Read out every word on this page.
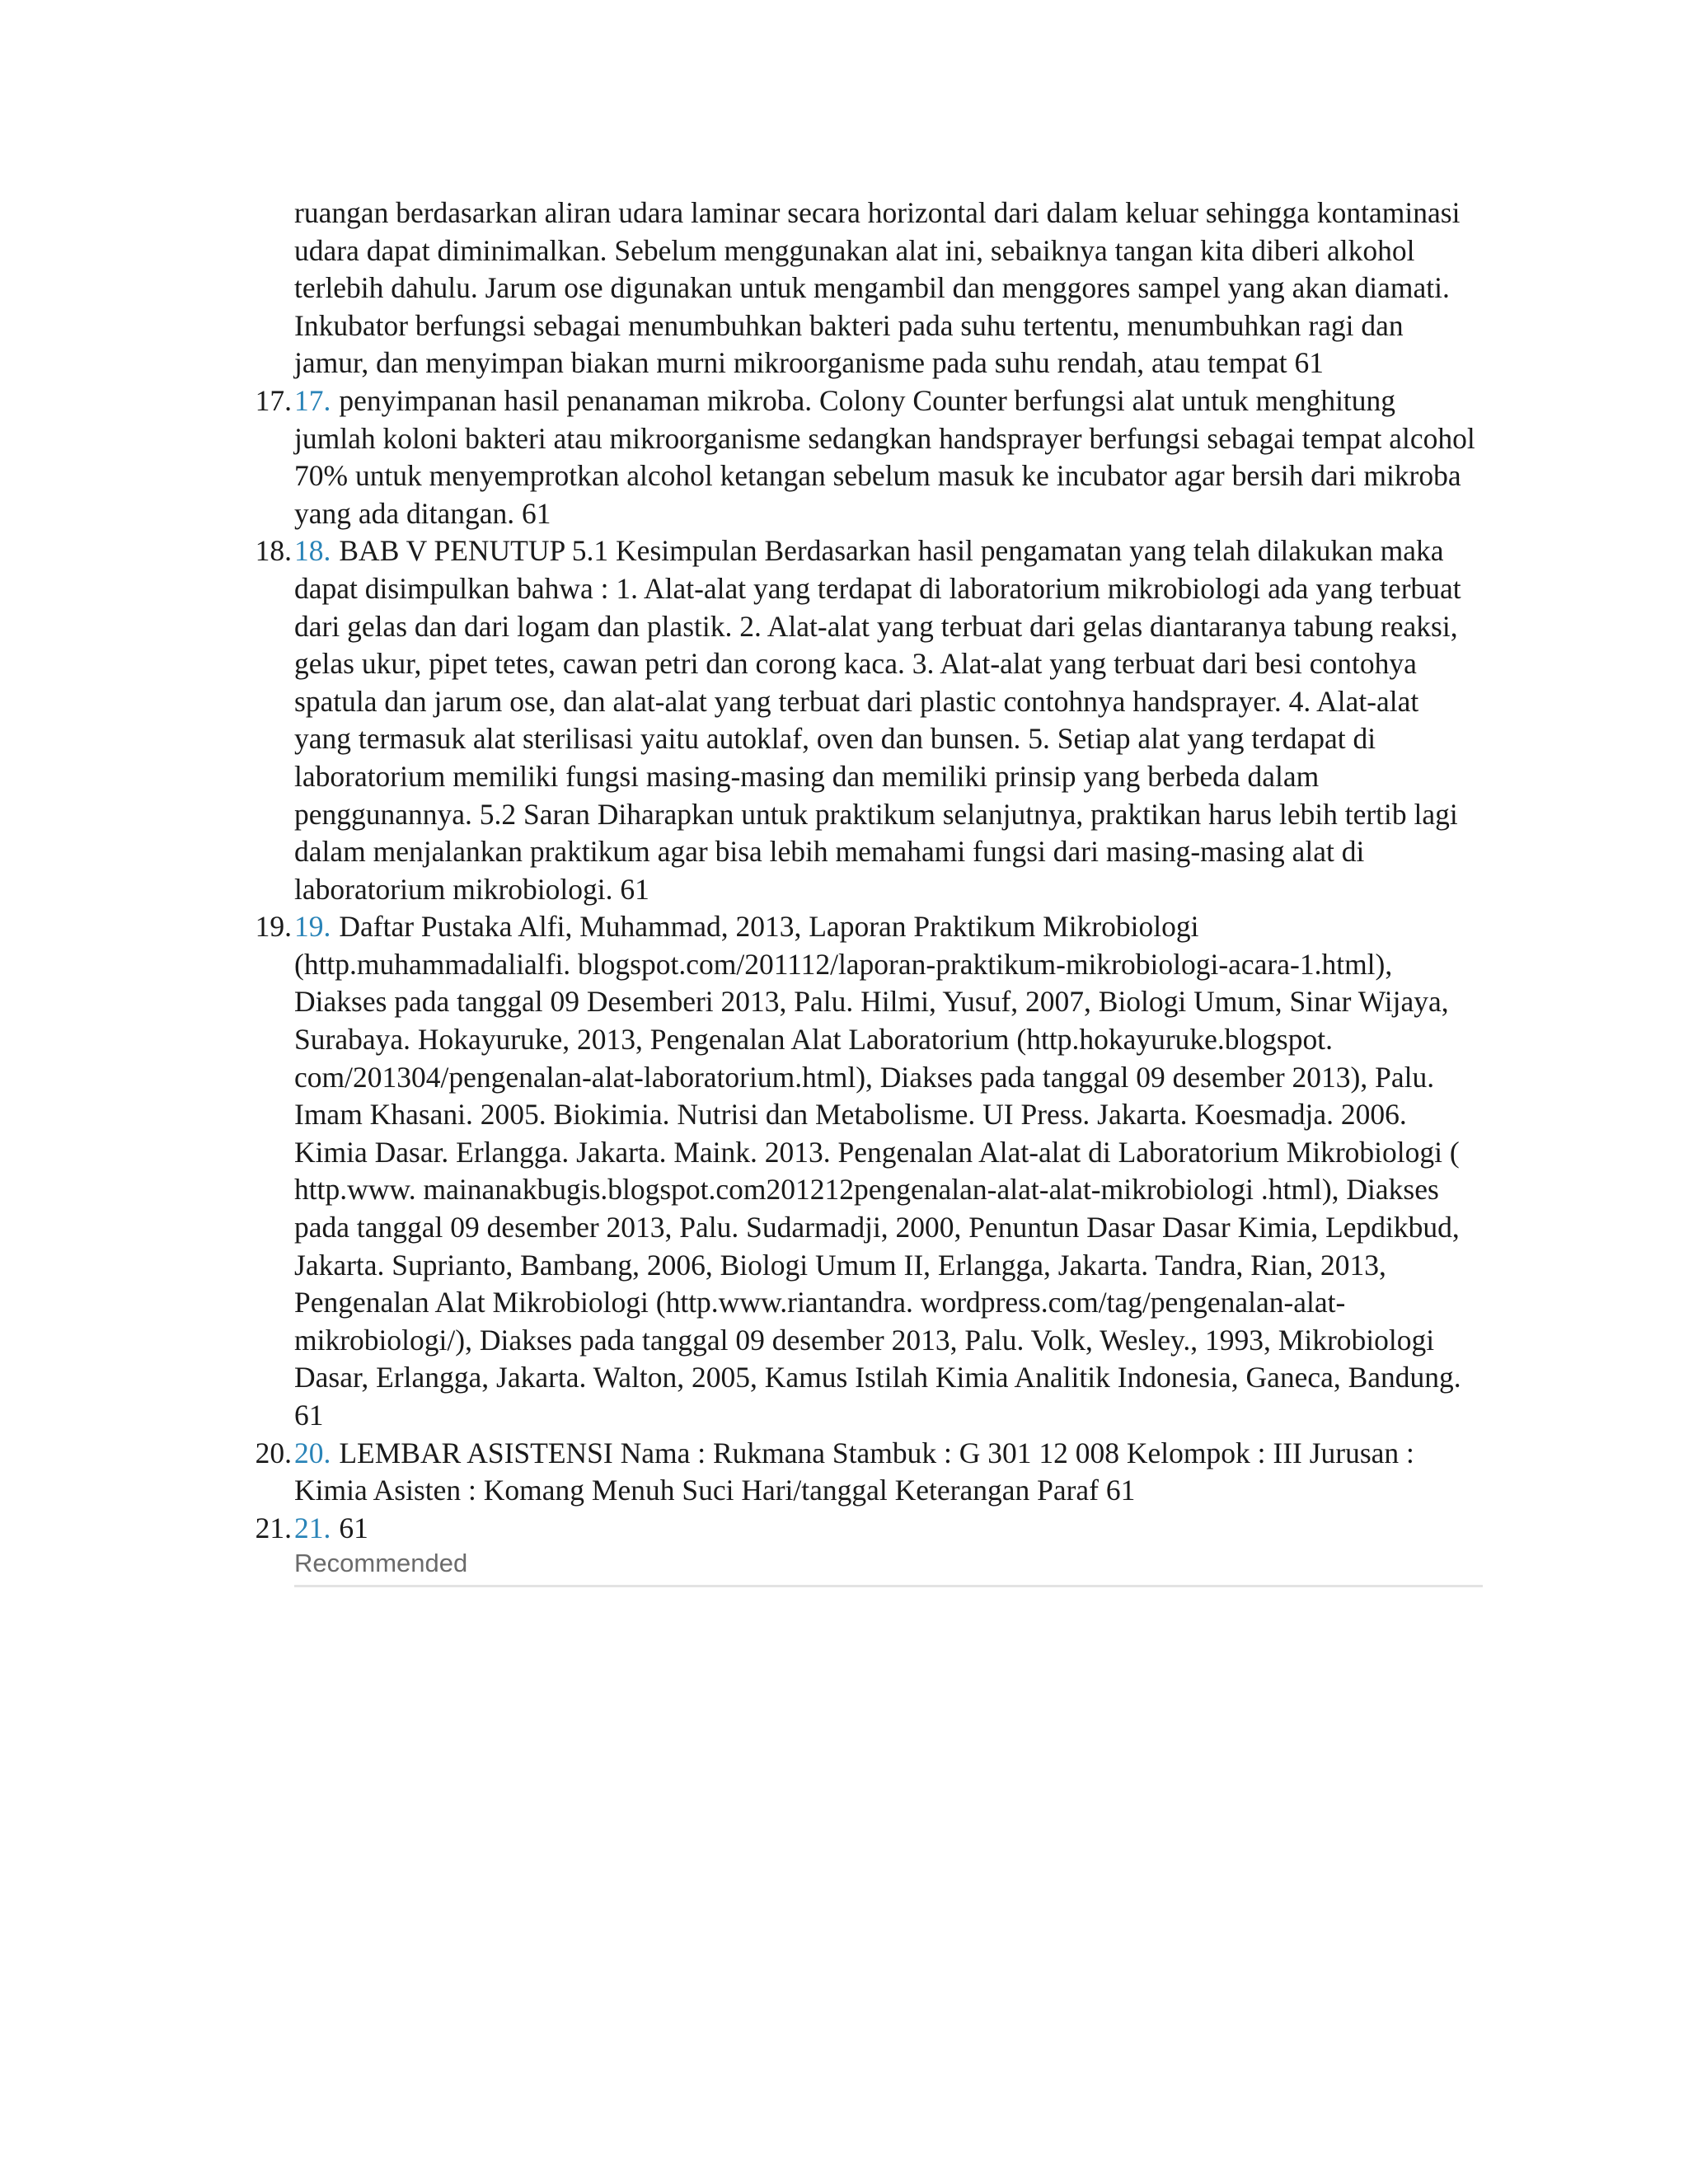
ruangan berdasarkan aliran udara laminar secara horizontal dari dalam keluar sehingga kontaminasi udara dapat diminimalkan. Sebelum menggunakan alat ini, sebaiknya tangan kita diberi alkohol terlebih dahulu. Jarum ose digunakan untuk mengambil dan menggores sampel yang akan diamati. Inkubator berfungsi sebagai menumbuhkan bakteri pada suhu tertentu, menumbuhkan ragi dan jamur, dan menyimpan biakan murni mikroorganisme pada suhu rendah, atau tempat 61

17. 17. penyimpanan hasil penanaman mikroba. Colony Counter berfungsi alat untuk menghitung jumlah koloni bakteri atau mikroorganisme sedangkan handsprayer berfungsi sebagai tempat alcohol 70% untuk menyemprotkan alcohol ketangan sebelum masuk ke incubator agar bersih dari mikroba yang ada ditangan. 61
18. 18. BAB V PENUTUP 5.1 Kesimpulan Berdasarkan hasil pengamatan yang telah dilakukan maka dapat disimpulkan bahwa : 1. Alat-alat yang terdapat di laboratorium mikrobiologi ada yang terbuat dari gelas dan dari logam dan plastik. 2. Alat-alat yang terbuat dari gelas diantaranya tabung reaksi, gelas ukur, pipet tetes, cawan petri dan corong kaca. 3. Alat-alat yang terbuat dari besi contohya spatula dan jarum ose, dan alat-alat yang terbuat dari plastic contohnya handsprayer. 4. Alat-alat yang termasuk alat sterilisasi yaitu autoklaf, oven dan bunsen. 5. Setiap alat yang terdapat di laboratorium memiliki fungsi masing-masing dan memiliki prinsip yang berbeda dalam penggunannya. 5.2 Saran Diharapkan untuk praktikum selanjutnya, praktikan harus lebih tertib lagi dalam menjalankan praktikum agar bisa lebih memahami fungsi dari masing-masing alat di laboratorium mikrobiologi. 61
19. 19. Daftar Pustaka Alfi, Muhammad, 2013, Laporan Praktikum Mikrobiologi (http.muhammadalialfi. blogspot.com/201112/laporan-praktikum-mikrobiologi-acara-1.html), Diakses pada tanggal 09 Desemberi 2013, Palu. Hilmi, Yusuf, 2007, Biologi Umum, Sinar Wijaya, Surabaya. Hokayuruke, 2013, Pengenalan Alat Laboratorium (http.hokayuruke.blogspot. com/201304/pengenalan-alat-laboratorium.html), Diakses pada tanggal 09 desember 2013), Palu. Imam Khasani. 2005. Biokimia. Nutrisi dan Metabolisme. UI Press. Jakarta. Koesmadja. 2006. Kimia Dasar. Erlangga. Jakarta. Maink. 2013. Pengenalan Alat-alat di Laboratorium Mikrobiologi ( http.www. mainanakbugis.blogspot.com201212pengenalan-alat-alat-mikrobiologi .html), Diakses pada tanggal 09 desember 2013, Palu. Sudarmadji, 2000, Penuntun Dasar Dasar Kimia, Lepdikbud, Jakarta. Suprianto, Bambang, 2006, Biologi Umum II, Erlangga, Jakarta. Tandra, Rian, 2013, Pengenalan Alat Mikrobiologi (http.www.riantandra. wordpress.com/tag/pengenalan-alat-mikrobiologi/), Diakses pada tanggal 09 desember 2013, Palu. Volk, Wesley., 1993, Mikrobiologi Dasar, Erlangga, Jakarta. Walton, 2005, Kamus Istilah Kimia Analitik Indonesia, Ganeca, Bandung. 61
20. 20. LEMBAR ASISTENSI Nama : Rukmana Stambuk : G 301 12 008 Kelompok : III Jurusan : Kimia Asisten : Komang Menuh Suci Hari/tanggal Keterangan Paraf 61
21. 21. 61
Recommended
